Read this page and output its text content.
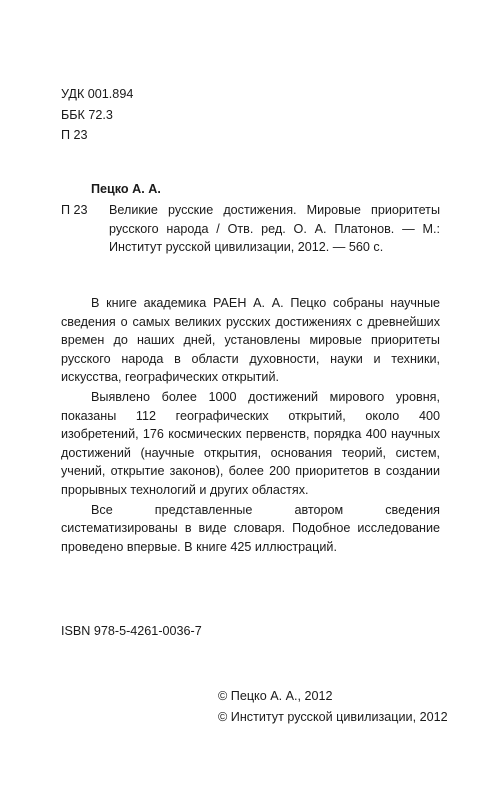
УДК 001.894
ББК 72.3
П 23
Пецко А. А.
П 23 Великие русские достижения. Мировые приоритеты русского народа / Отв. ред. О. А. Платонов. — М.: Институт русской цивилизации, 2012. — 560 с.

В книге академика РАЕН А. А. Пецко собраны научные сведения о самых великих русских достижениях с древнейших времен до наших дней, установлены мировые приоритеты русского народа в области духовности, науки и техники, искусства, географических открытий.

Выявлено более 1000 достижений мирового уровня, показаны 112 географических открытий, около 400 изобретений, 176 космических первенств, порядка 400 научных достижений (научные открытия, основания теорий, систем, учений, открытие законов), более 200 приоритетов в создании прорывных технологий и других областях.

Все представленные автором сведения систематизированы в виде словаря. Подобное исследование проведено впервые. В книге 425 иллюстраций.

ISBN 978-5-4261-0036-7
© Пецко А. А., 2012
© Институт русской цивилизации, 2012
